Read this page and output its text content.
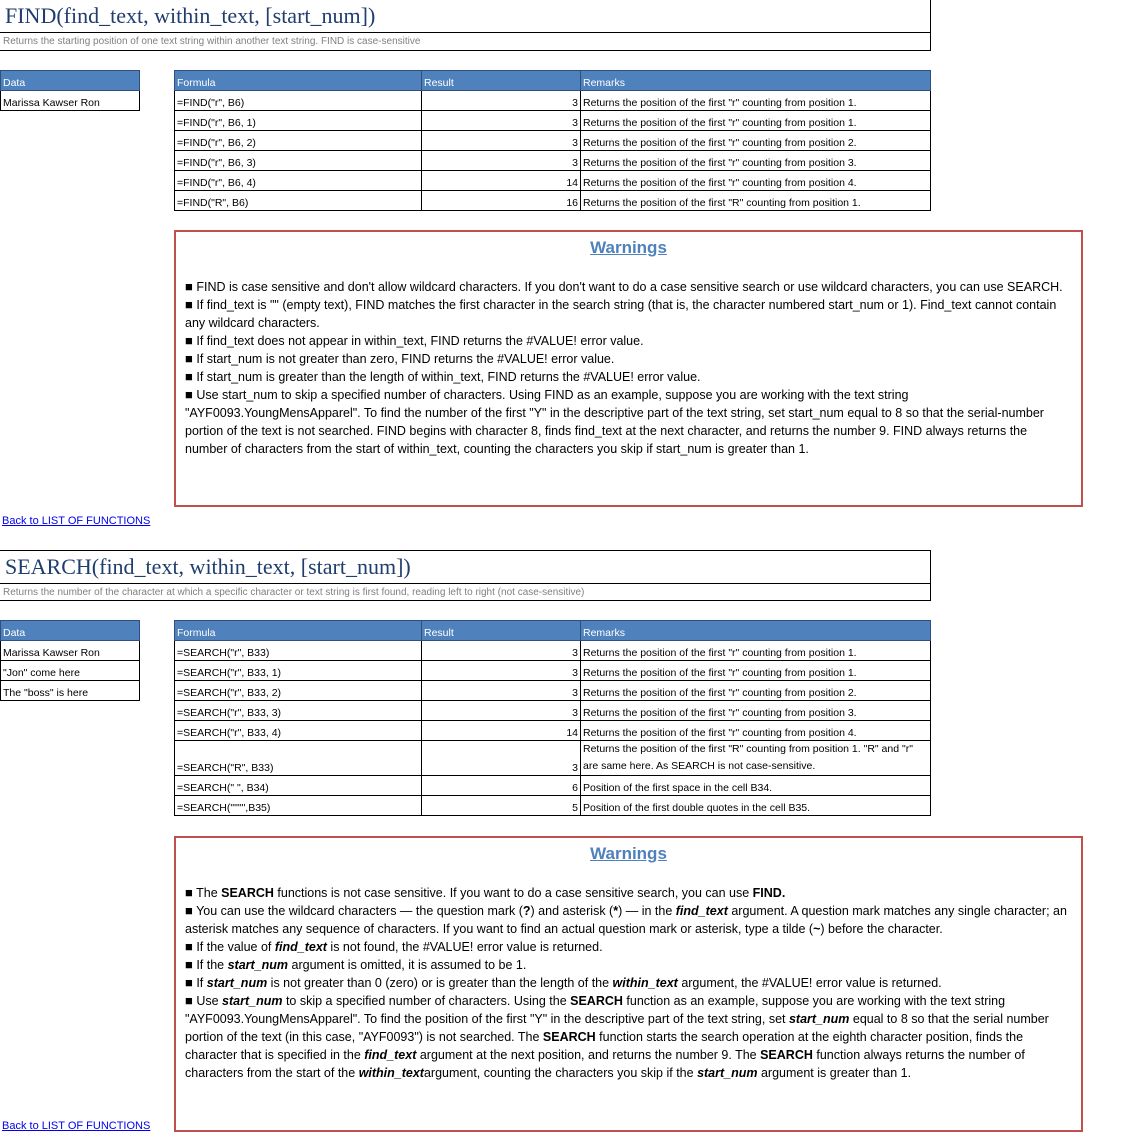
FIND(find_text, within_text, [start_num])
Returns the starting position of one text string within another text string. FIND is case-sensitive
Data
Marissa Kawser Ron
Formula	Result	Remarks
=FIND("r", B6)	3	Returns the position of the first "r" counting from position 1.
=FIND("r", B6, 1)	3	Returns the position of the first "r" counting from position 1.
=FIND("r", B6, 2)	3	Returns the position of the first "r" counting from position 2.
=FIND("r", B6, 3)	3	Returns the position of the first "r" counting from position 3.
=FIND("r", B6, 4)	14	Returns the position of the first "r" counting from position 4.
=FIND("R", B6)	16	Returns the position of the first "R" counting from position 1.
Warnings

■ FIND is case sensitive and don't allow wildcard characters. If you don't want to do a case sensitive search or use wildcard characters, you can use SEARCH.

■ If find_text is "" (empty text), FIND matches the first character in the search string (that is, the character numbered start_num or 1). Find_text cannot contain any wildcard characters.

■ If find_text does not appear in within_text, FIND returns the #VALUE! error value.

■ If start_num is not greater than zero, FIND returns the #VALUE! error value.

■ If start_num is greater than the length of within_text, FIND returns the #VALUE! error value.

■ Use start_num to skip a specified number of characters. Using FIND as an example, suppose you are working with the text string "AYF0093.YoungMensApparel". To find the number of the first "Y" in the descriptive part of the text string, set start_num equal to 8 so that the serial-number portion of the text is not searched. FIND begins with character 8, finds find_text at the next character, and returns the number 9. FIND always returns the number of characters from the start of within_text, counting the characters you skip if start_num is greater than 1.

Back to LIST OF FUNCTIONS
SEARCH(find_text, within_text, [start_num])
Returns the number of the character at which a specific character or text string is first found, reading left to right (not case-sensitive)
Data
Marissa Kawser Ron
"Jon" come here
The "boss" is here
Formula	Result	Remarks
=SEARCH("r", B33)	3	Returns the position of the first "r" counting from position 1.
=SEARCH("r", B33, 1)	3	Returns the position of the first "r" counting from position 1.
=SEARCH("r", B33, 2)	3	Returns the position of the first "r" counting from position 2.
=SEARCH("r", B33, 3)	3	Returns the position of the first "r" counting from position 3.
=SEARCH("r", B33, 4)	14	Returns the position of the first "r" counting from position 4.
=SEARCH("R", B33)	3	Returns the position of the first "R" counting from position 1. "R" and "r" are same here. As SEARCH is not case-sensitive.
=SEARCH(" ", B34)	6	Position of the first space in the cell B34.
=SEARCH("""",B35)	5	Position of the first double quotes in the cell B35.
Warnings

■ The SEARCH functions is not case sensitive. If you want to do a case sensitive search, you can use FIND.

■ You can use the wildcard characters — the question mark (?) and asterisk (*) — in the find_text argument. A question mark matches any single character; an asterisk matches any sequence of characters. If you want to find an actual question mark or asterisk, type a tilde (~) before the character.

■ If the value of find_text is not found, the #VALUE! error value is returned.

■ If the start_num argument is omitted, it is assumed to be 1.

■ If start_num is not greater than 0 (zero) or is greater than the length of the within_text argument, the #VALUE! error value is returned.

■ Use start_num to skip a specified number of characters. Using the SEARCH function as an example, suppose you are working with the text string "AYF0093.YoungMensApparel". To find the position of the first "Y" in the descriptive part of the text string, set start_num equal to 8 so that the serial number portion of the text (in this case, "AYF0093") is not searched. The SEARCH function starts the search operation at the eighth character position, finds the character that is specified in the find_text argument at the next position, and returns the number 9. The SEARCH function always returns the number of characters from the start of the within_textargument, counting the characters you skip if the start_num argument is greater than 1.

Back to LIST OF FUNCTIONS
